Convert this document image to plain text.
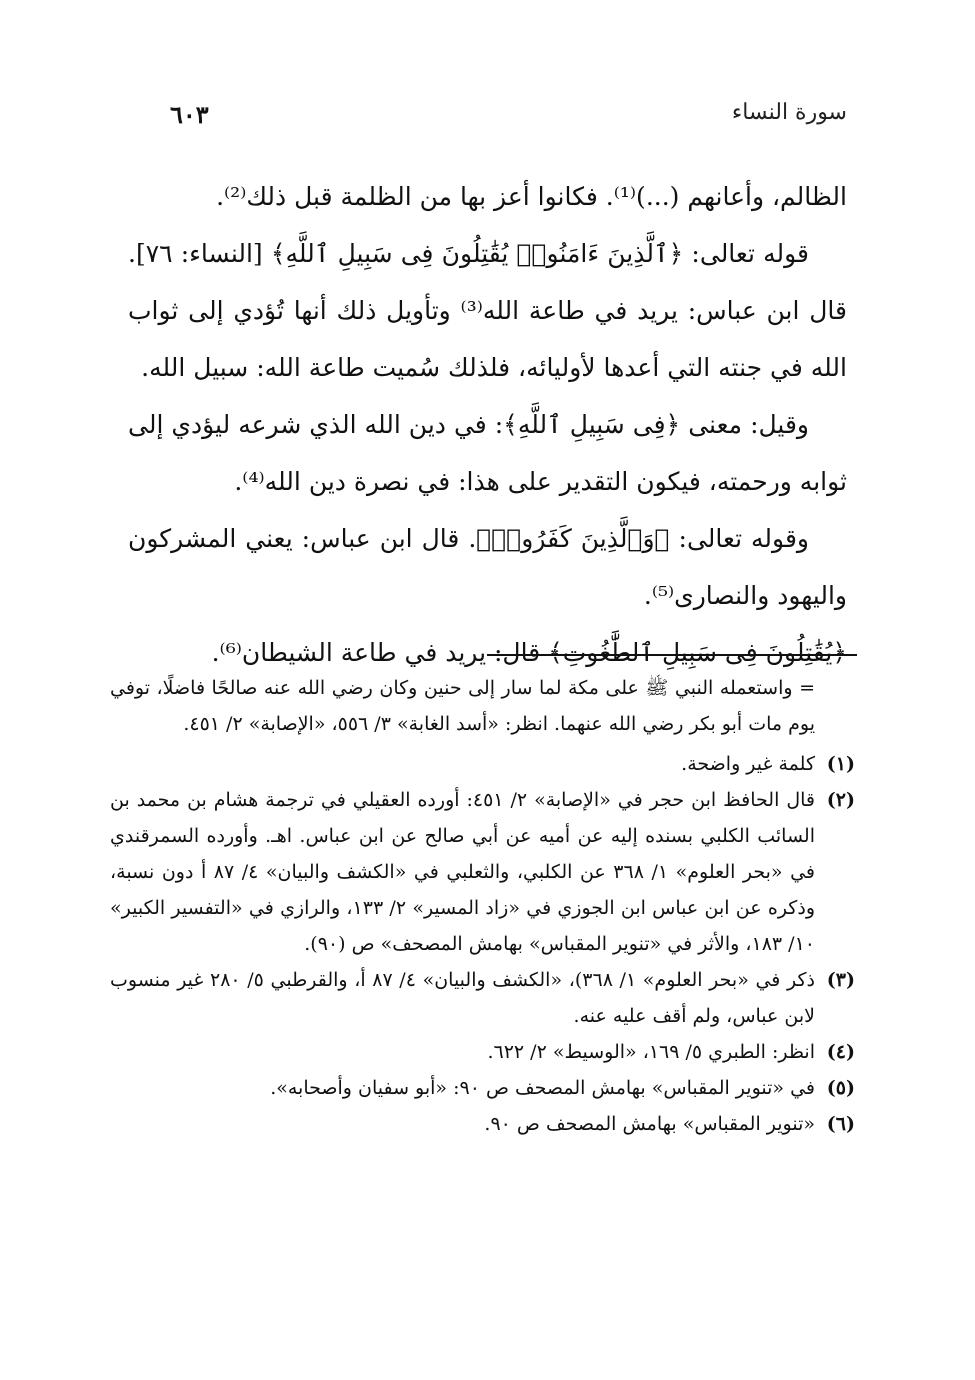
سورة النساء
٦٠٣

الظالم، وأعانهم (...)⁽¹⁾. فكانوا أعز بها من الظلمة قبل ذلك⁽²⁾.

قوله تعالى: ﴿ٱلَّذِينَ ءَامَنُوا۟ يُقَٰتِلُونَ فِى سَبِيلِ ٱللَّهِ﴾ [النساء: ٧٦]. قال ابن عباس: يريد في طاعة الله⁽³⁾ وتأويل ذلك أنها تُؤدي إلى ثواب الله في جنته التي أعدها لأوليائه، فلذلك سُميت طاعة الله: سبيل الله.

وقيل: معنى ﴿فِى سَبِيلِ ٱللَّهِ﴾: في دين الله الذي شرعه ليؤدي إلى ثوابه ورحمته، فيكون التقدير على هذا: في نصرة دين الله⁽⁴⁾.

وقوله تعالى: ﴿وَٱلَّذِينَ كَفَرُوا۟﴾. قال ابن عباس: يعني المشركون واليهود والنصارى⁽⁵⁾.

﴿يُقَٰتِلُونَ فِى سَبِيلِ ٱلطَّٰغُوتِ﴾ قال: يريد في طاعة الشيطان⁽⁶⁾.

= واستعمله النبي ﷺ على مكة لما سار إلى حنين وكان رضي الله عنه صالحًا فاضلًا، توفي يوم مات أبو بكر رضي الله عنهما. انظر: «أسد الغابة» ٣/ ٥٥٦، «الإصابة» ٢/ ٤٥١.

(١)
كلمة غير واضحة.
(٢)
قال الحافظ ابن حجر في «الإصابة» ٢/ ٤٥١: أورده العقيلي في ترجمة هشام بن محمد بن السائب الكلبي بسنده إليه عن أميه عن أبي صالح عن ابن عباس. اهـ. وأورده السمرقندي في «بحر العلوم» ١/ ٣٦٨ عن الكلبي، والثعلبي في «الكشف والبيان» ٤/ ٨٧ أ دون نسبة، وذكره عن ابن عباس ابن الجوزي في «زاد المسير» ٢/ ١٣٣، والرازي في «التفسير الكبير» ١٠/ ١٨٣، والأثر في «تنوير المقباس» بهامش المصحف» ص (٩٠).
(٣)
ذكر في «بحر العلوم» ١/ ٣٦٨)، «الكشف والبيان» ٤/ ٨٧ أ، والقرطبي ٥/ ٢٨٠ غير منسوب لابن عباس، ولم أقف عليه عنه.
(٤)
انظر: الطبري ٥/ ١٦٩، «الوسيط» ٢/ ٦٢٢.
(٥)
في «تنوير المقباس» بهامش المصحف ص ٩٠: «أبو سفيان وأصحابه».
(٦)
«تنوير المقباس» بهامش المصحف ص ٩٠.
